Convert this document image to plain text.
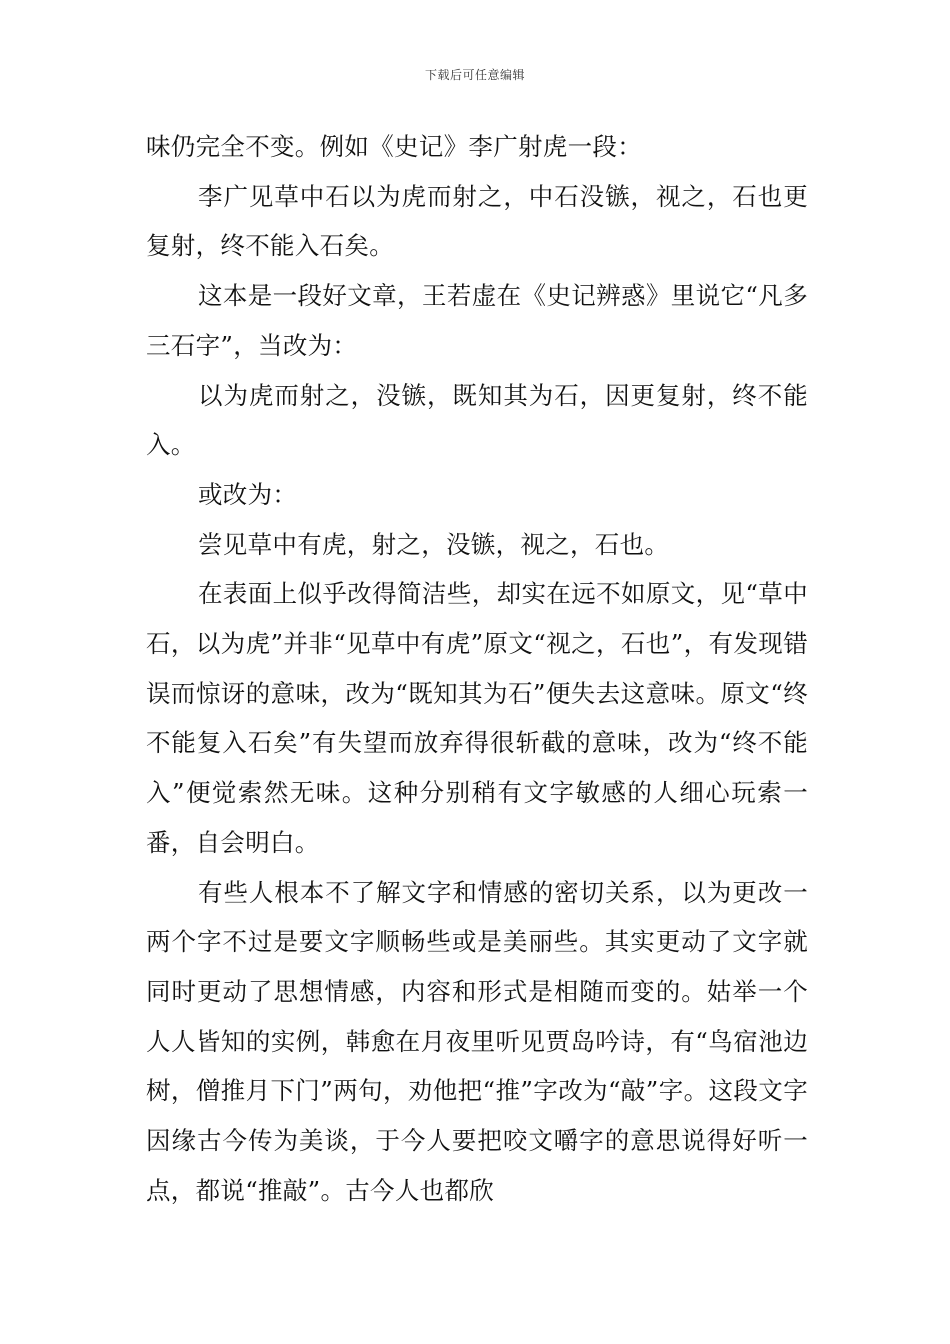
下载后可任意编辑

味仍完全不变。例如《史记》李广射虎一段：

李广见草中石以为虎而射之，中石没镞，视之，石也更复射，终不能入石矣。

这本是一段好文章，王若虚在《史记辨惑》里说它“凡多三石字”，当改为：

以为虎而射之，没镞，既知其为石，因更复射，终不能入。

或改为：

尝见草中有虎，射之，没镞，视之，石也。

在表面上似乎改得简洁些，却实在远不如原文，见“草中石，以为虎”并非“见草中有虎”原文“视之，石也”，有发现错误而惊讶的意味，改为“既知其为石”便失去这意味。原文“终不能复入石矣”有失望而放弃得很斩截的意味，改为“终不能入”便觉索然无味。这种分别稍有文字敏感的人细心玩索一番，自会明白。

有些人根本不了解文字和情感的密切关系，以为更改一两个字不过是要文字顺畅些或是美丽些。其实更动了文字就同时更动了思想情感，内容和形式是相随而变的。姑举一个人人皆知的实例，韩愈在月夜里听见贾岛吟诗，有“鸟宿池边树，僧推月下门”两句，劝他把“推”字改为“敲”字。这段文字因缘古今传为美谈，于今人要把咬文嚼字的意思说得好听一点，都说“推敲”。古今人也都欣
